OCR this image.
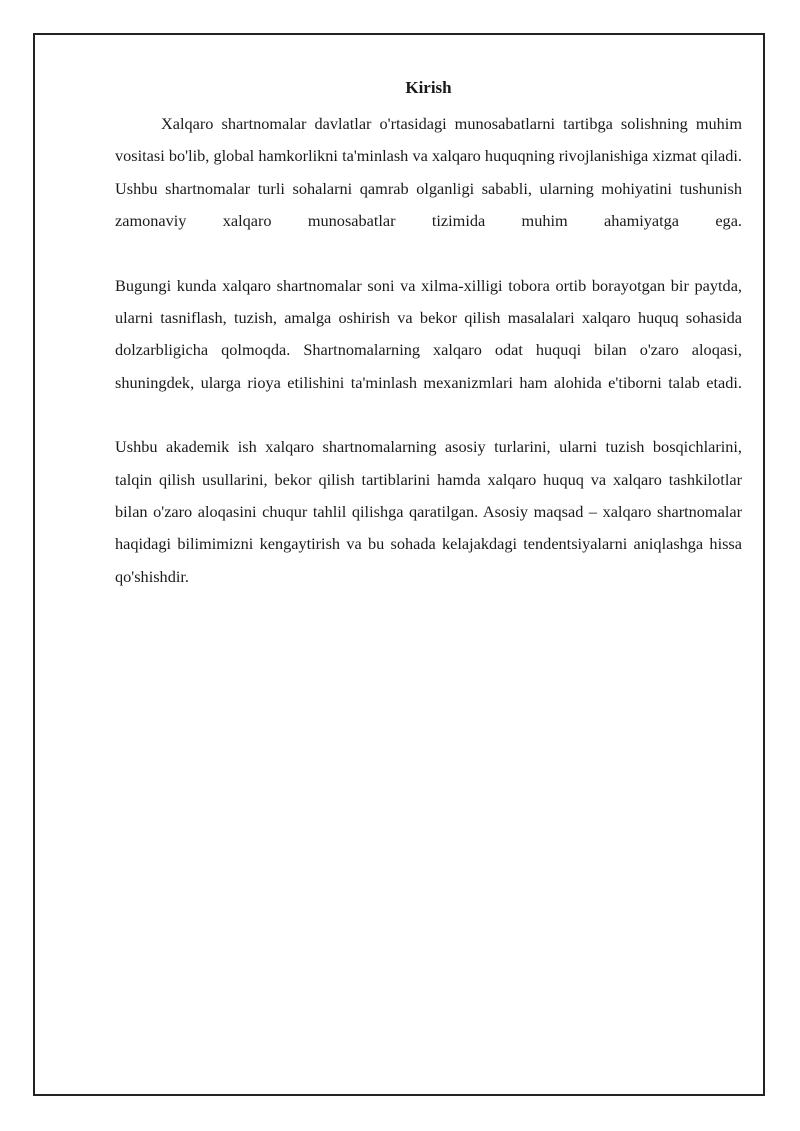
Kirish

Xalqaro shartnomalar davlatlar o'rtasidagi munosabatlarni tartibga solishning muhim vositasi bo'lib, global hamkorlikni ta'minlash va xalqaro huquqning rivojlanishiga xizmat qiladi. Ushbu shartnomalar turli sohalarni qamrab olganligi sababli, ularning mohiyatini tushunish zamonaviy xalqaro munosabatlar tizimida muhim ahamiyatga ega.

Bugungi kunda xalqaro shartnomalar soni va xilma-xilligi tobora ortib borayotgan bir paytda, ularni tasniflash, tuzish, amalga oshirish va bekor qilish masalalari xalqaro huquq sohasida dolzarbligicha qolmoqda. Shartnomalarning xalqaro odat huquqi bilan o'zaro aloqasi, shuningdek, ularga rioya etilishini ta'minlash mexanizmlari ham alohida e'tiborni talab etadi.

Ushbu akademik ish xalqaro shartnomalarning asosiy turlarini, ularni tuzish bosqichlarini, talqin qilish usullarini, bekor qilish tartiblarini hamda xalqaro huquq va xalqaro tashkilotlar bilan o'zaro aloqasini chuqur tahlil qilishga qaratilgan. Asosiy maqsad – xalqaro shartnomalar haqidagi bilimimizni kengaytirish va bu sohada kelajakdagi tendentsiyalarni aniqlashga hissa qo'shishdir.
